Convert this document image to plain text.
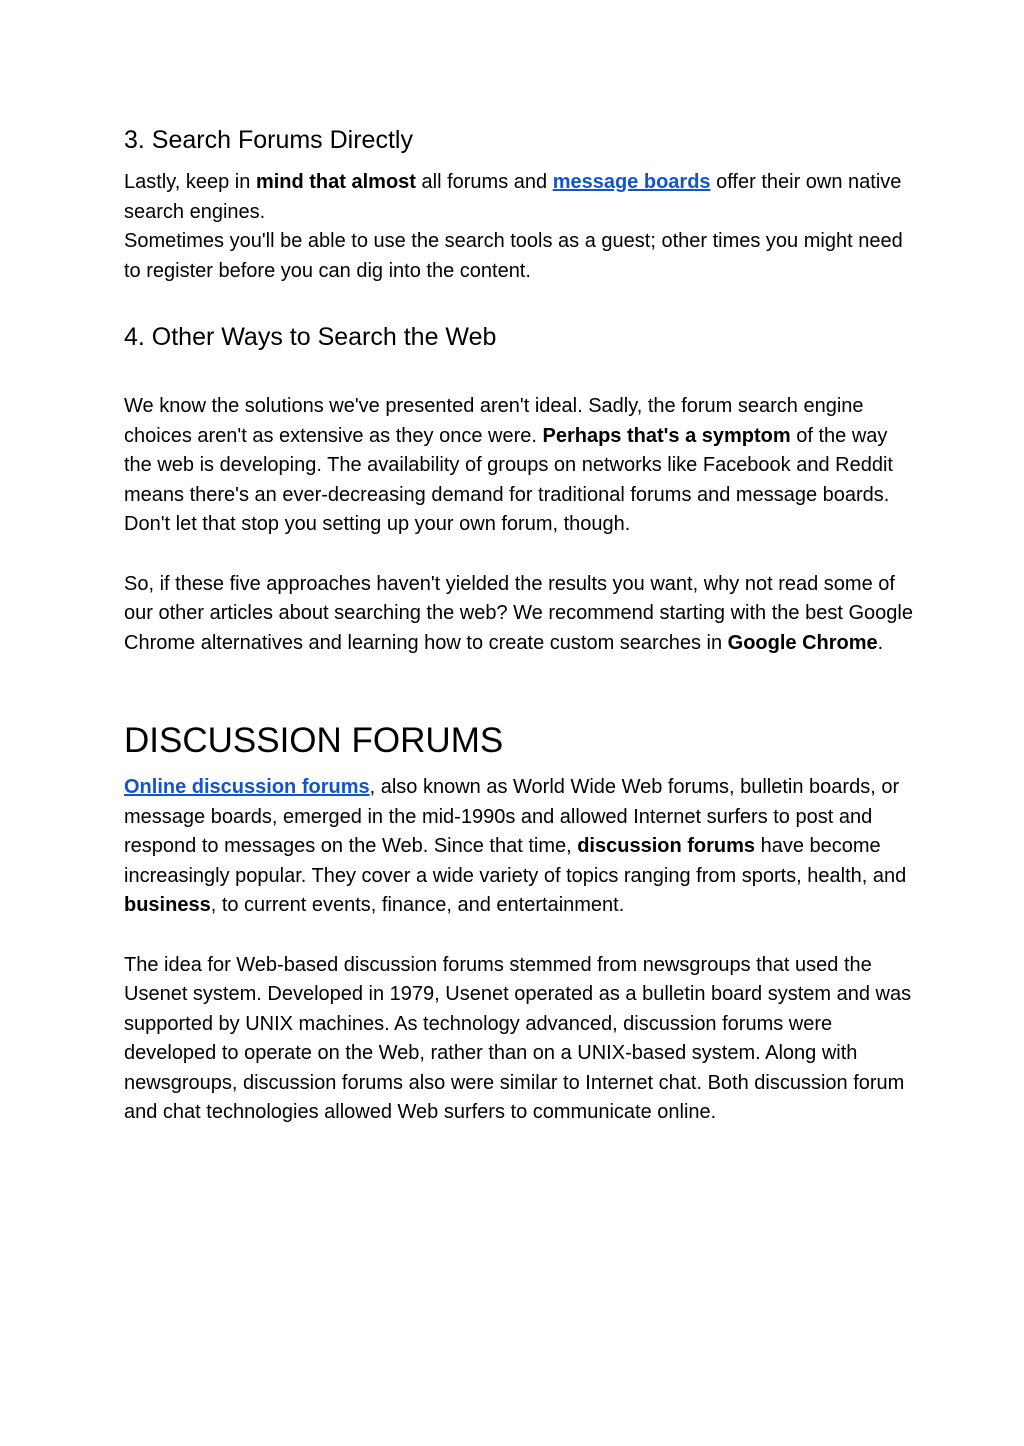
3. Search Forums Directly

Lastly, keep in mind that almost all forums and message boards offer their own native search engines.

Sometimes you'll be able to use the search tools as a guest; other times you might need to register before you can dig into the content.

4. Other Ways to Search the Web

We know the solutions we've presented aren't ideal. Sadly, the forum search engine choices aren't as extensive as they once were. Perhaps that's a symptom of the way the web is developing. The availability of groups on networks like Facebook and Reddit means there's an ever-decreasing demand for traditional forums and message boards. Don't let that stop you setting up your own forum, though.

So, if these five approaches haven't yielded the results you want, why not read some of our other articles about searching the web? We recommend starting with the best Google Chrome alternatives and learning how to create custom searches in Google Chrome.

DISCUSSION FORUMS

Online discussion forums, also known as World Wide Web forums, bulletin boards, or message boards, emerged in the mid-1990s and allowed Internet surfers to post and respond to messages on the Web. Since that time, discussion forums have become increasingly popular. They cover a wide variety of topics ranging from sports, health, and business, to current events, finance, and entertainment.

The idea for Web-based discussion forums stemmed from newsgroups that used the Usenet system. Developed in 1979, Usenet operated as a bulletin board system and was supported by UNIX machines. As technology advanced, discussion forums were developed to operate on the Web, rather than on a UNIX-based system. Along with newsgroups, discussion forums also were similar to Internet chat. Both discussion forum and chat technologies allowed Web surfers to communicate online.
